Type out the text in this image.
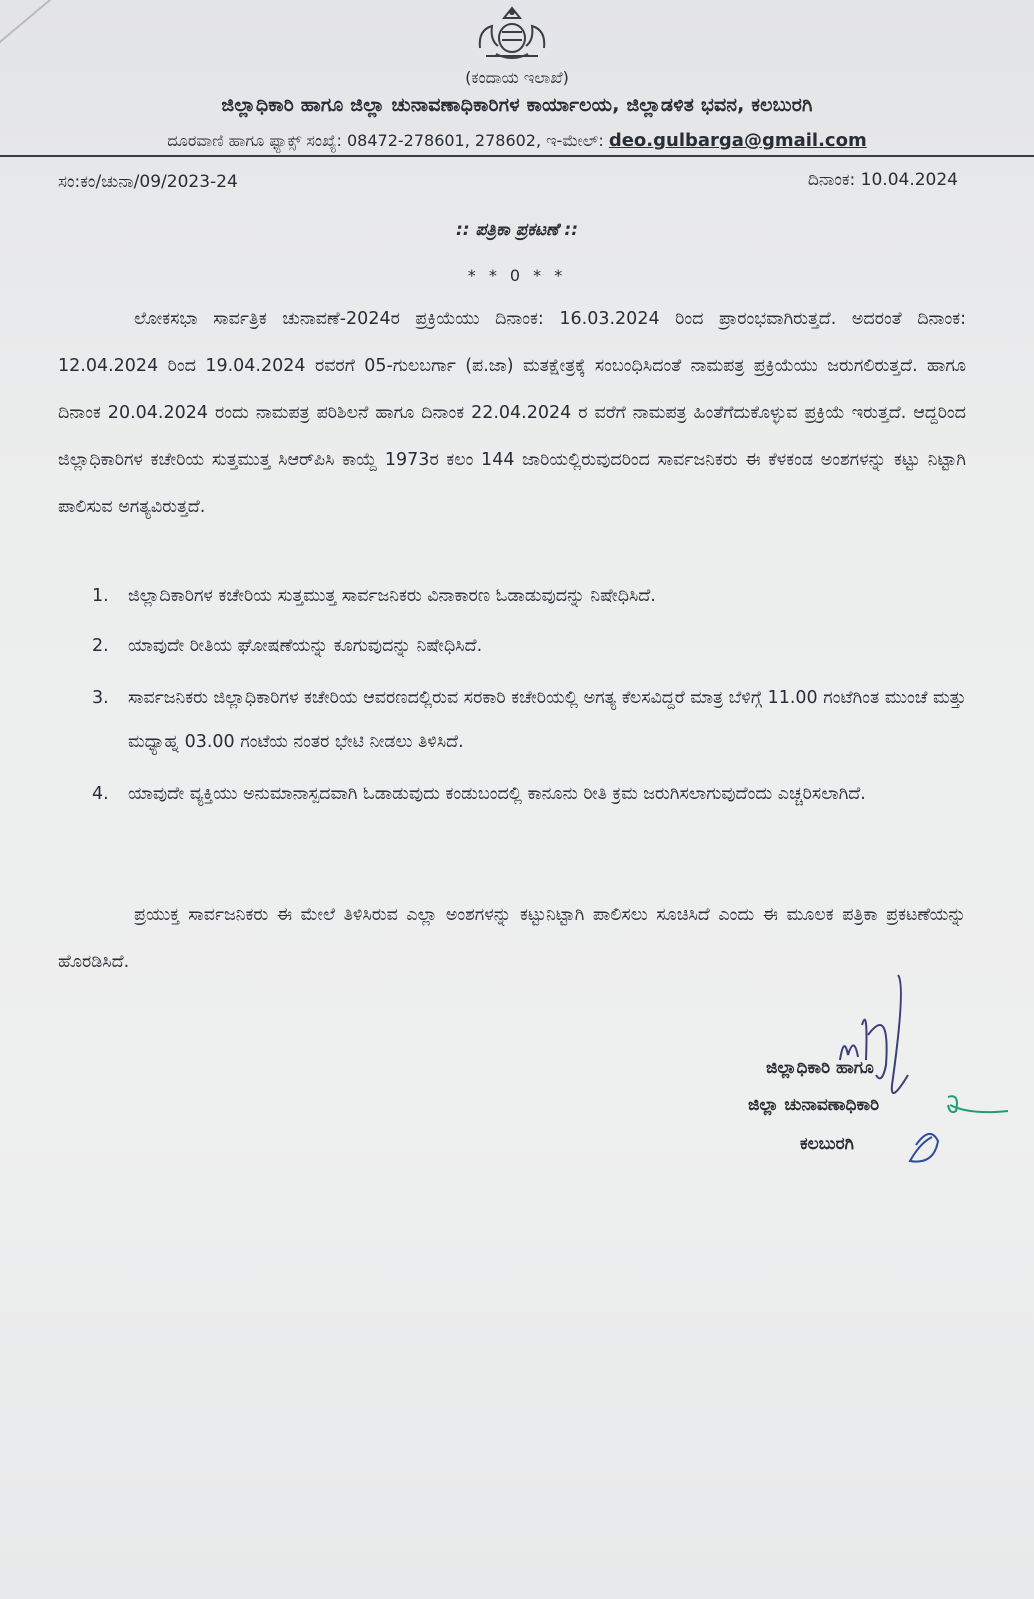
(ಕಂದಾಯ ಇಲಾಖೆ)
ಜಿಲ್ಲಾಧಿಕಾರಿ ಹಾಗೂ ಜಿಲ್ಲಾ ಚುನಾವಣಾಧಿಕಾರಿಗಳ ಕಾರ್ಯಾಲಯ, ಜಿಲ್ಲಾಡಳಿತ ಭವನ, ಕಲಬುರಗಿ
ದೂರವಾಣಿ ಹಾಗೂ ಫ್ಯಾಕ್ಸ್ ಸಂಖ್ಯೆ: 08472-278601, 278602, ಇ-ಮೇಲ್: deo.gulbarga@gmail.com
ಸಂ:ಕಂ/ಚುನಾ/09/2023-24	ದಿನಾಂಕ: 10.04.2024
:: ಪತ್ರಿಕಾ ಪ್ರಕಟಣೆ ::
* * 0 * *

ಲೋಕಸಭಾ ಸಾರ್ವತ್ರಿಕ ಚುನಾವಣೆ-2024ರ ಪ್ರಕ್ರಿಯೆಯು ದಿನಾಂಕ: 16.03.2024 ರಿಂದ ಪ್ರಾರಂಭವಾಗಿರುತ್ತದೆ. ಅದರಂತೆ ದಿನಾಂಕ: 12.04.2024 ರಿಂದ 19.04.2024 ರವರಗೆ 05-ಗುಲಬರ್ಗಾ (ಪ.ಜಾ) ಮತಕ್ಷೇತ್ರಕ್ಕೆ ಸಂಬಂಧಿಸಿದಂತೆ ನಾಮಪತ್ರ ಪ್ರಕ್ರಿಯೆಯು ಜರುಗಲಿರುತ್ತದೆ. ಹಾಗೂ ದಿನಾಂಕ 20.04.2024 ರಂದು ನಾಮಪತ್ರ ಪರಿಶಿಲನೆ ಹಾಗೂ ದಿನಾಂಕ 22.04.2024 ರ ವರೆಗೆ ನಾಮಪತ್ರ ಹಿಂತೆಗೆದುಕೊಳ್ಳುವ ಪ್ರಕ್ರಿಯೆ ಇರುತ್ತದೆ. ಆದ್ದರಿಂದ ಜಿಲ್ಲಾಧಿಕಾರಿಗಳ ಕಚೇರಿಯ ಸುತ್ತಮುತ್ತ ಸಿಆರ್‌ಪಿಸಿ ಕಾಯ್ದೆ 1973ರ ಕಲಂ 144 ಜಾರಿಯಲ್ಲಿರುವುದರಿಂದ ಸಾರ್ವಜನಿಕರು ಈ ಕೆಳಕಂಡ ಅಂಶಗಳನ್ನು ಕಟ್ಟು ನಿಟ್ಟಾಗಿ ಪಾಲಿಸುವ ಅಗತ್ಯವಿರುತ್ತದೆ.

1. ಜಿಲ್ಲಾದಿಕಾರಿಗಳ ಕಚೇರಿಯ ಸುತ್ತಮುತ್ತ ಸಾರ್ವಜನಿಕರು ವಿನಾಕಾರಣ ಓಡಾಡುವುದನ್ನು ನಿಷೇಧಿಸಿದೆ.
2. ಯಾವುದೇ ರೀತಿಯ ಘೋಷಣೆಯನ್ನು ಕೂಗುವುದನ್ನು ನಿಷೇಧಿಸಿದೆ.
3. ಸಾರ್ವಜನಿಕರು ಜಿಲ್ಲಾಧಿಕಾರಿಗಳ ಕಚೇರಿಯ ಆವರಣದಲ್ಲಿರುವ ಸರಕಾರಿ ಕಚೇರಿಯಲ್ಲಿ ಅಗತ್ಯ ಕೆಲಸವಿದ್ದರೆ ಮಾತ್ರ ಬೆಳಿಗ್ಗೆ 11.00 ಗಂಟೆಗಿಂತ ಮುಂಚೆ ಮತ್ತು ಮಧ್ಯಾಹ್ನ 03.00 ಗಂಟೆಯ ನಂತರ ಭೇಟಿ ನೀಡಲು ತಿಳಿಸಿದೆ.
4. ಯಾವುದೇ ವ್ಯಕ್ತಿಯು ಅನುಮಾನಾಸ್ಪದವಾಗಿ ಓಡಾಡುವುದು ಕಂಡುಬಂದಲ್ಲಿ ಕಾನೂನು ರೀತಿ ಕ್ರಮ ಜರುಗಿಸಲಾಗುವುದೆಂದು ಎಚ್ಚರಿಸಲಾಗಿದೆ.

ಪ್ರಯುಕ್ತ ಸಾರ್ವಜನಿಕರು ಈ ಮೇಲೆ ತಿಳಿಸಿರುವ ಎಲ್ಲಾ ಅಂಶಗಳನ್ನು ಕಟ್ಟುನಿಟ್ಟಾಗಿ ಪಾಲಿಸಲು ಸೂಚಿಸಿದೆ ಎಂದು ಈ ಮೂಲಕ ಪತ್ರಿಕಾ ಪ್ರಕಟಣೆಯನ್ನು ಹೊರಡಿಸಿದೆ.

ಜಿಲ್ಲಾಧಿಕಾರಿ ಹಾಗೂ
ಜಿಲ್ಲಾ ಚುನಾವಣಾಧಿಕಾರಿ
ಕಲಬುರಗಿ
